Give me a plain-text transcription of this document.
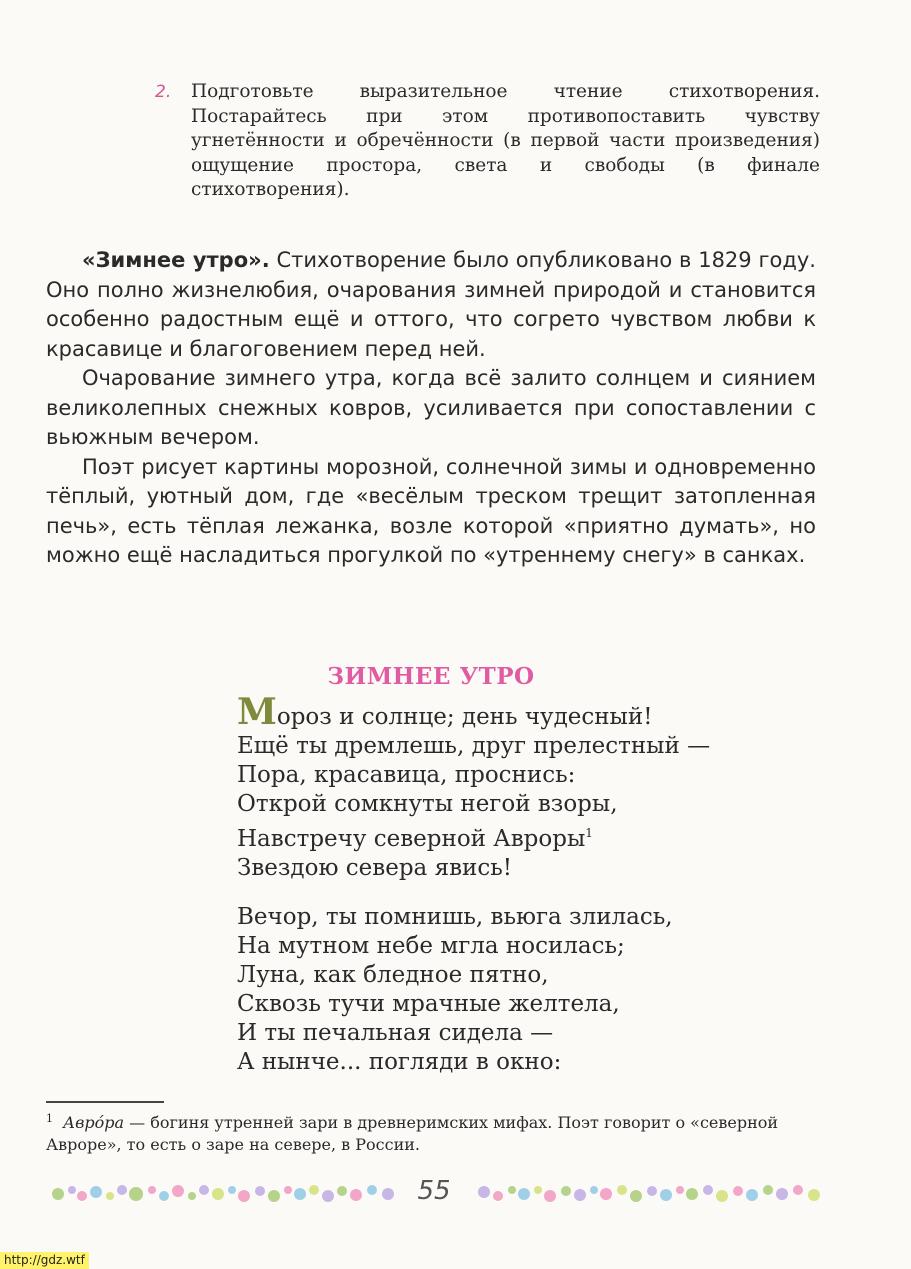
2. Подготовьте выразительное чтение стихотворения. Постарайтесь при этом противопоставить чувству угнетённости и обречённости (в первой части произведения) ощущение простора, света и свободы (в финале стихотворения).

«Зимнее утро». Стихотворение было опубликовано в 1829 году. Оно полно жизнелюбия, очарования зимней природой и становится особенно радостным ещё и оттого, что согрето чувством любви к красавице и благоговением перед ней.

Очарование зимнего утра, когда всё залито солнцем и сиянием великолепных снежных ковров, усиливается при сопоставлении с вьюжным вечером.

Поэт рисует картины морозной, солнечной зимы и одновременно тёплый, уютный дом, где «весёлым треском трещит затопленная печь», есть тёплая лежанка, возле которой «приятно думать», но можно ещё насладиться прогулкой по «утреннему снегу» в санках.

ЗИМНЕЕ УТРО
Мороз и солнце; день чудесный!
Ещё ты дремлешь, друг прелестный —
Пора, красавица, проснись:
Открой сомкнуты негой взоры,
Навстречу северной Авроры$^1$
Звездою севера явись!
Вечор, ты помнишь, вьюга злилась,
На мутном небе мгла носилась;
Луна, как бледное пятно,
Сквозь тучи мрачные желтела,
И ты печальная сидела —
А нынче... погляди в окно:
$^1$ Авро́ра — богиня утренней зари в древнеримских мифах. Поэт говорит о «северной Авроре», то есть о заре на севере, в России.
55
http://gdz.wtf
